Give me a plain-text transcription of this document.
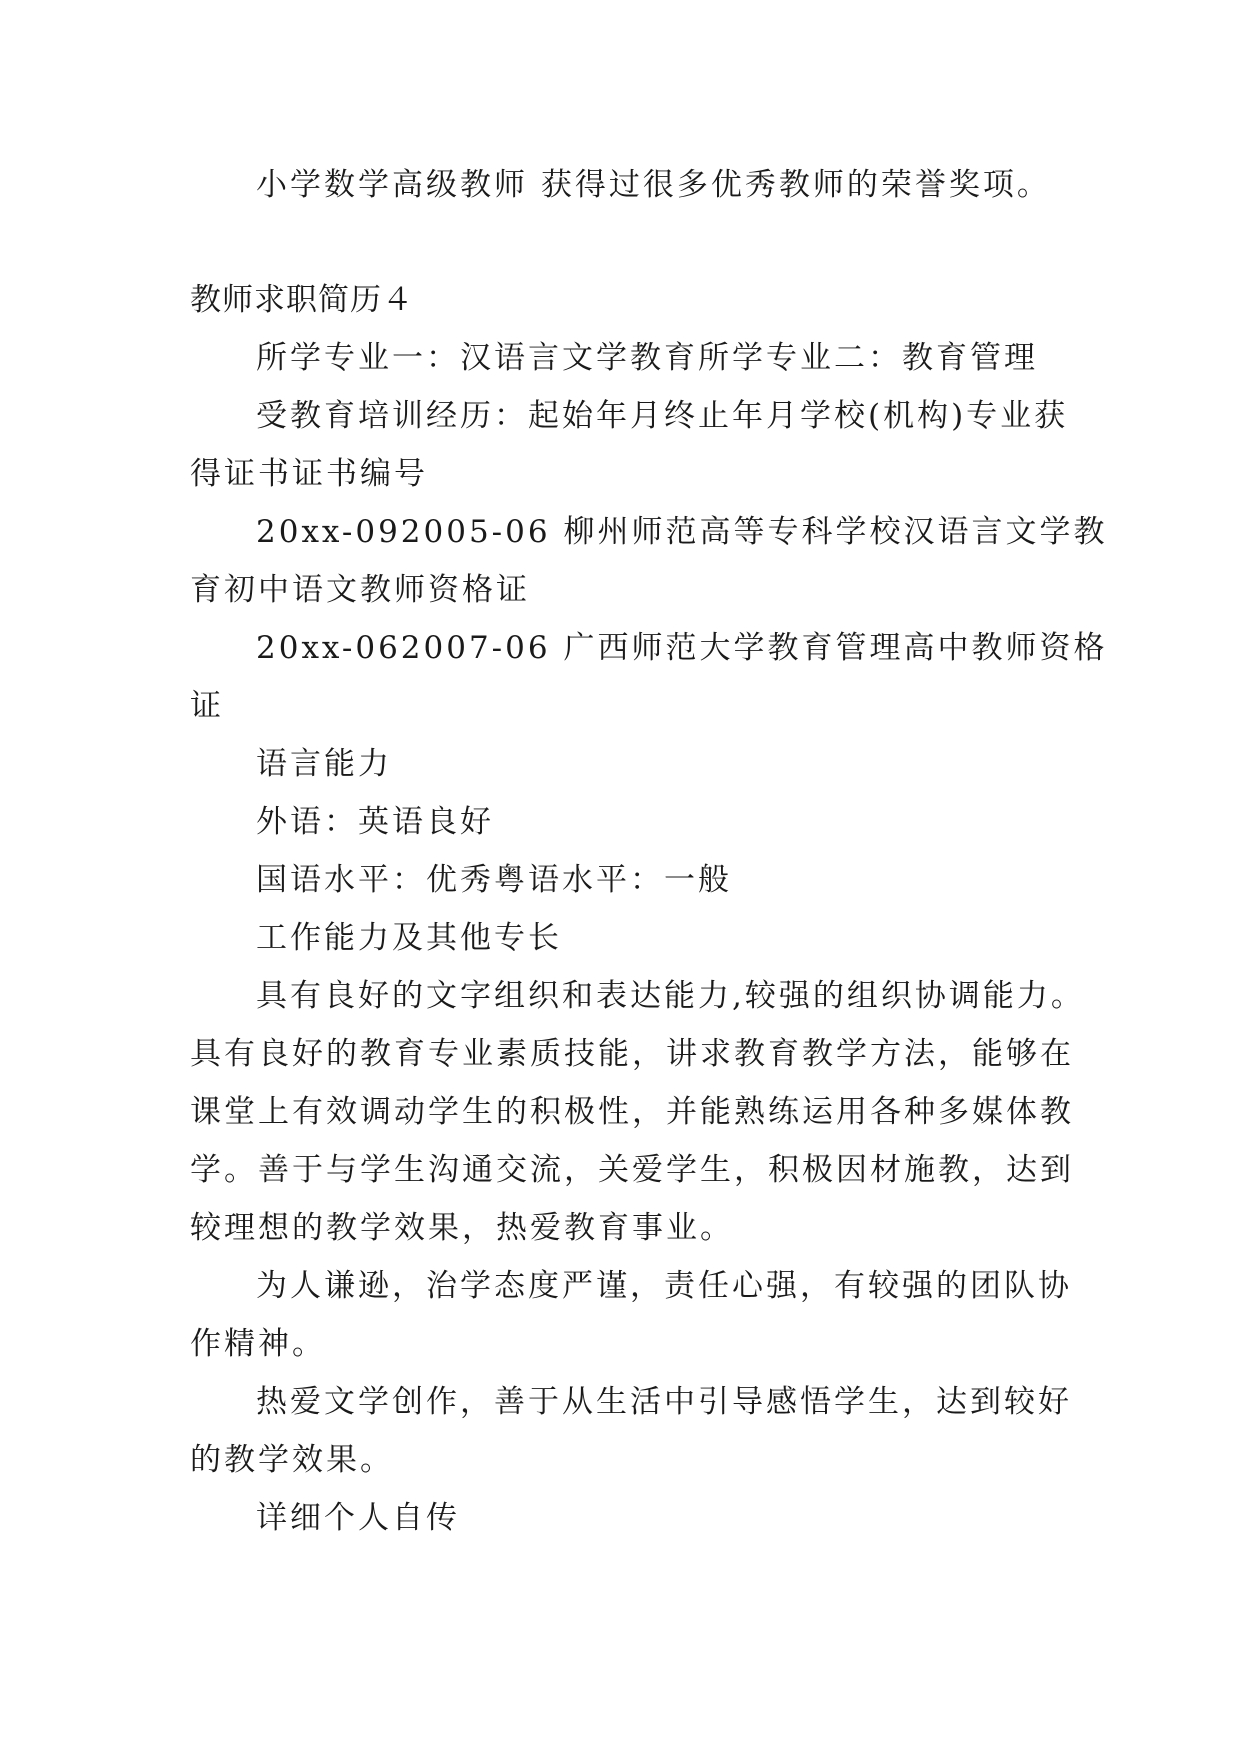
小学数学高级教师 获得过很多优秀教师的荣誉奖项。
教师求职简历４
所学专业一：汉语言文学教育所学专业二：教育管理
受教育培训经历：起始年月终止年月学校(机构)专业获
得证书证书编号
20xx-092005-06 柳州师范高等专科学校汉语言文学教
育初中语文教师资格证
20xx-062007-06 广西师范大学教育管理高中教师资格
证
语言能力
外语：英语良好
国语水平：优秀粤语水平：一般
工作能力及其他专长
具有良好的文字组织和表达能力,较强的组织协调能力。
具有良好的教育专业素质技能，讲求教育教学方法，能够在
课堂上有效调动学生的积极性，并能熟练运用各种多媒体教
学。善于与学生沟通交流，关爱学生，积极因材施教，达到
较理想的教学效果，热爱教育事业。
为人谦逊，治学态度严谨，责任心强，有较强的团队协
作精神。
热爱文学创作，善于从生活中引导感悟学生，达到较好
的教学效果。
详细个人自传
